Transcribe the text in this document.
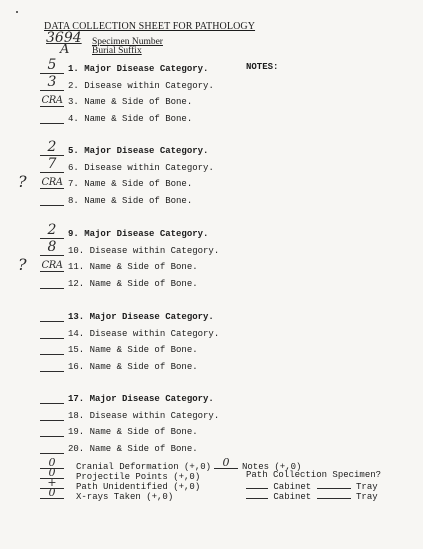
DATA COLLECTION SHEET FOR PATHOLOGY
3694
A Specimen Number
Burial Suffix
NOTES:
5	1. Major Disease Category.
3	2. Disease within Category.
CRA 3. Name & Side of Bone.
4. Name & Side of Bone.
2	5. Major Disease Category.
7	6. Disease within Category.
CRA 7. Name & Side of Bone.
8. Name & Side of Bone.
2	9. Major Disease Category.
8	10. Disease within Category.
CRA 11. Name & Side of Bone.
12. Name & Side of Bone.
13. Major Disease Category.
14. Disease within Category.
15. Name & Side of Bone.
16. Name & Side of Bone.
17. Major Disease Category.
18. Disease within Category.
19. Name & Side of Bone.
20. Name & Side of Bone.
?
?
Cranial Deformation (+,0)
0
Projectile Points (+,0)
0
Path Unidentified (+,0)
+
X-rays Taken (+,0)
0
Notes (+,0)
0
Path Collection Specimen?
Cabinet	Tray
Cabinet	Tray
